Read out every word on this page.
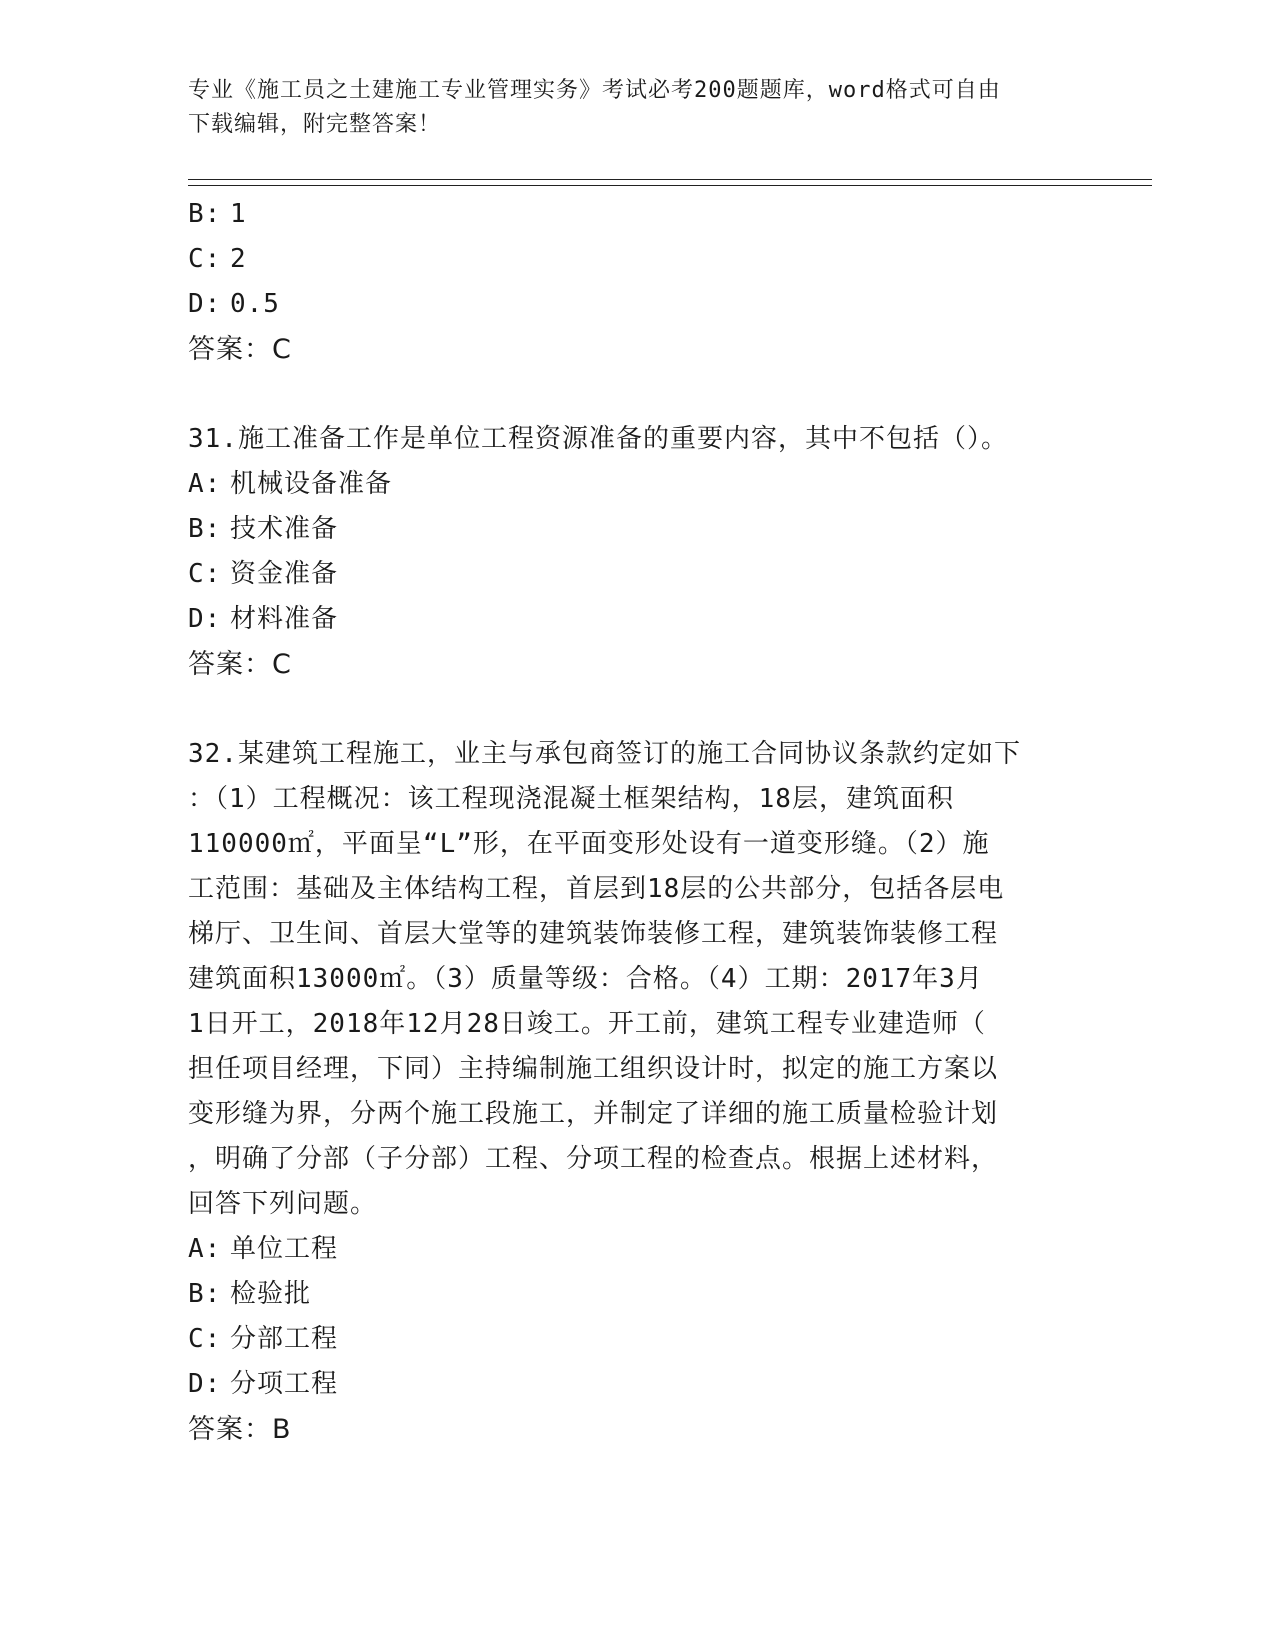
专业《施工员之土建施工专业管理实务》考试必考200题题库，word格式可自由
下载编辑，附完整答案！
B: 1
C: 2
D: 0.5
答案：C
31.施工准备工作是单位工程资源准备的重要内容，其中不包括（）。
A: 机械设备准备
B: 技术准备
C: 资金准备
D: 材料准备
答案：C
32.某建筑工程施工，业主与承包商签订的施工合同协议条款约定如下
：（1）工程概况：该工程现浇混凝土框架结构，18层，建筑面积
110000㎡，平面呈“L”形，在平面变形处设有一道变形缝。（2）施
工范围：基础及主体结构工程，首层到18层的公共部分，包括各层电
梯厅、卫生间、首层大堂等的建筑装饰装修工程，建筑装饰装修工程
建筑面积13000㎡。（3）质量等级：合格。（4）工期：2017年3月
1日开工，2018年12月28日竣工。开工前，建筑工程专业建造师（
担任项目经理，下同）主持编制施工组织设计时，拟定的施工方案以
变形缝为界，分两个施工段施工，并制定了详细的施工质量检验计划
，明确了分部（子分部）工程、分项工程的检查点。根据上述材料，
回答下列问题。
A: 单位工程
B: 检验批
C: 分部工程
D: 分项工程
答案：B
